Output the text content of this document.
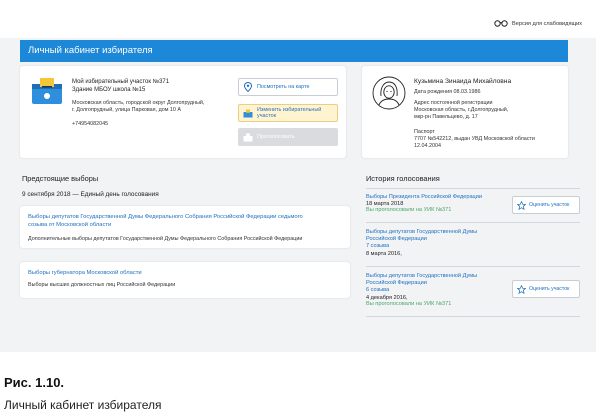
Версия для слабовидящих
Личный кабинет избирателя
Мой избирательный участок №371
Здание МБОУ школа №15
Московская область, городской округ Долгопрудный,
г. Долгопрудный, улица Парковая, дом 10 А
+74954082045
Посмотреть на карте
Изменить избирательный
участок
Проголосовать
Кузьмина Зинаида Михайловна
Дата рождения 08.03.1986
Адрес постоянной регистрации
Московская область, г.Долгопрудный,
мкр-рн Павельцево, д. 17
Паспорт
7707 №542212, выдан УВД Московской области
12.04.2004
Предстоящие выборы
9 сентября 2018 — Единый день голосования
Выборы депутатов Государственной Думы Федерального Собрания Российской Федерации седьмого
созыва от Московской области
Дополнительные выборы депутатов Государственной Думы Федерального Собрания Российской Федерации
Выборы губернатора Московской области
Выборы высших должностных лиц Российской Федерации
История голосования
Выборы Президента Российской Федерации
18 марта 2018
Вы проголосовали на УИК №371
Оценить участок
Выборы депутатов Государственной Думы
Российской Федерации
7 созыва
8 марта 2016,
Выборы депутатов Государственной Думы
Российской Федерации
6 созыва
4 декабря 2016,
Вы проголосовали на УИК №371
Оценить участок
Рис. 1.10.
Личный кабинет избирателя
